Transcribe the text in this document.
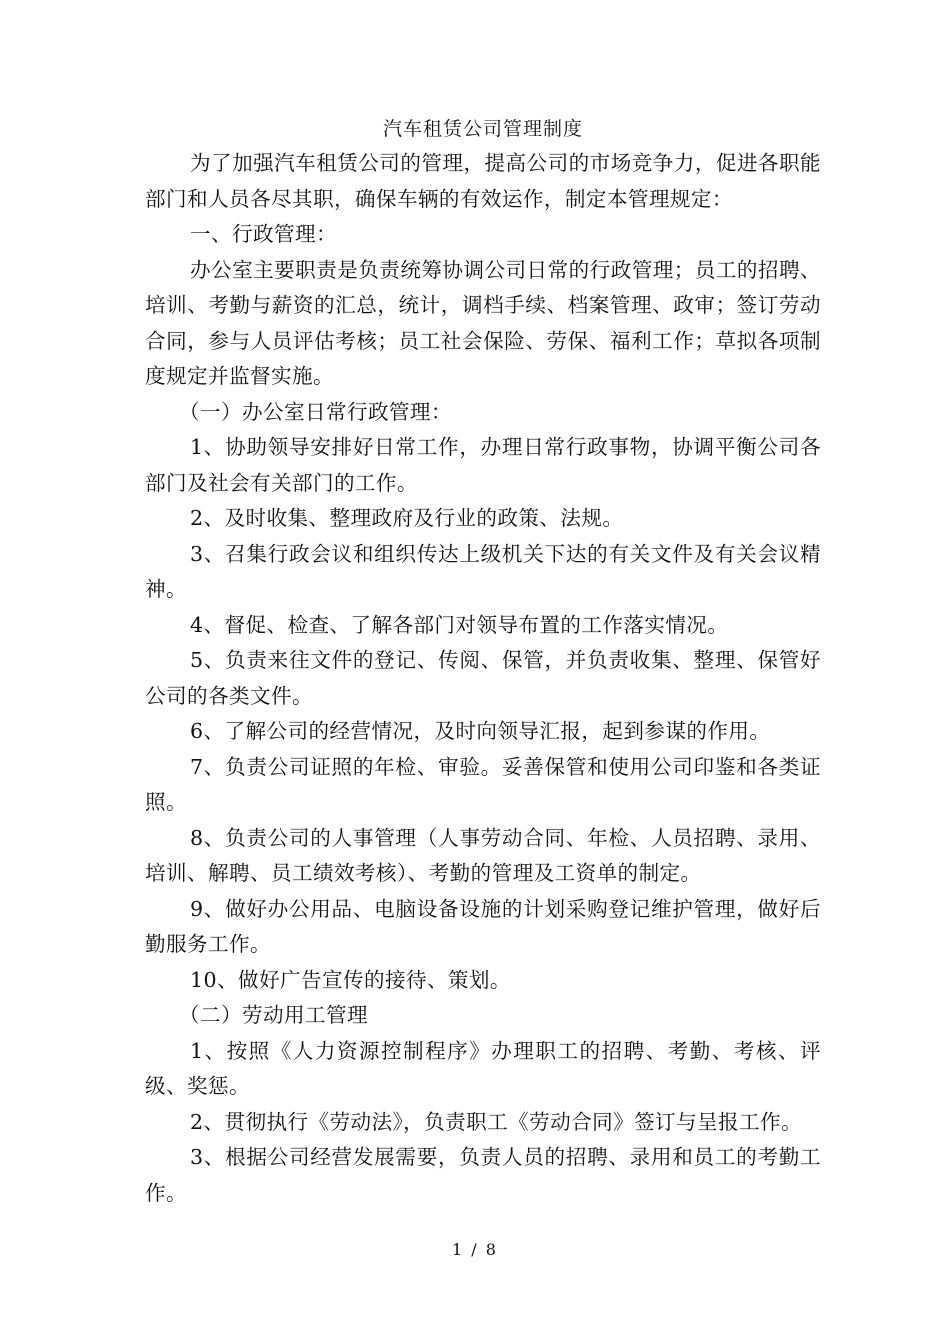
汽车租赁公司管理制度

为了加强汽车租赁公司的管理，提高公司的市场竞争力，促进各职能部门和人员各尽其职，确保车辆的有效运作，制定本管理规定：

一、行政管理：

办公室主要职责是负责统筹协调公司日常的行政管理；员工的招聘、培训、考勤与薪资的汇总，统计，调档手续、档案管理、政审；签订劳动合同，参与人员评估考核；员工社会保险、劳保、福利工作；草拟各项制度规定并监督实施。

（一）办公室日常行政管理：

1、协助领导安排好日常工作，办理日常行政事物，协调平衡公司各部门及社会有关部门的工作。

2、及时收集、整理政府及行业的政策、法规。

3、召集行政会议和组织传达上级机关下达的有关文件及有关会议精神。

4、督促、检查、了解各部门对领导布置的工作落实情况。

5、负责来往文件的登记、传阅、保管，并负责收集、整理、保管好公司的各类文件。

6、了解公司的经营情况，及时向领导汇报，起到参谋的作用。

7、负责公司证照的年检、审验。妥善保管和使用公司印鉴和各类证照。

8、负责公司的人事管理（人事劳动合同、年检、人员招聘、录用、培训、解聘、员工绩效考核）、考勤的管理及工资单的制定。

9、做好办公用品、电脑设备设施的计划采购登记维护管理，做好后勤服务工作。

10、做好广告宣传的接待、策划。

（二）劳动用工管理

1、按照《人力资源控制程序》办理职工的招聘、考勤、考核、评级、奖惩。

2、贯彻执行《劳动法》，负责职工《劳动合同》签订与呈报工作。

3、根据公司经营发展需要，负责人员的招聘、录用和员工的考勤工作。

1 / 8
